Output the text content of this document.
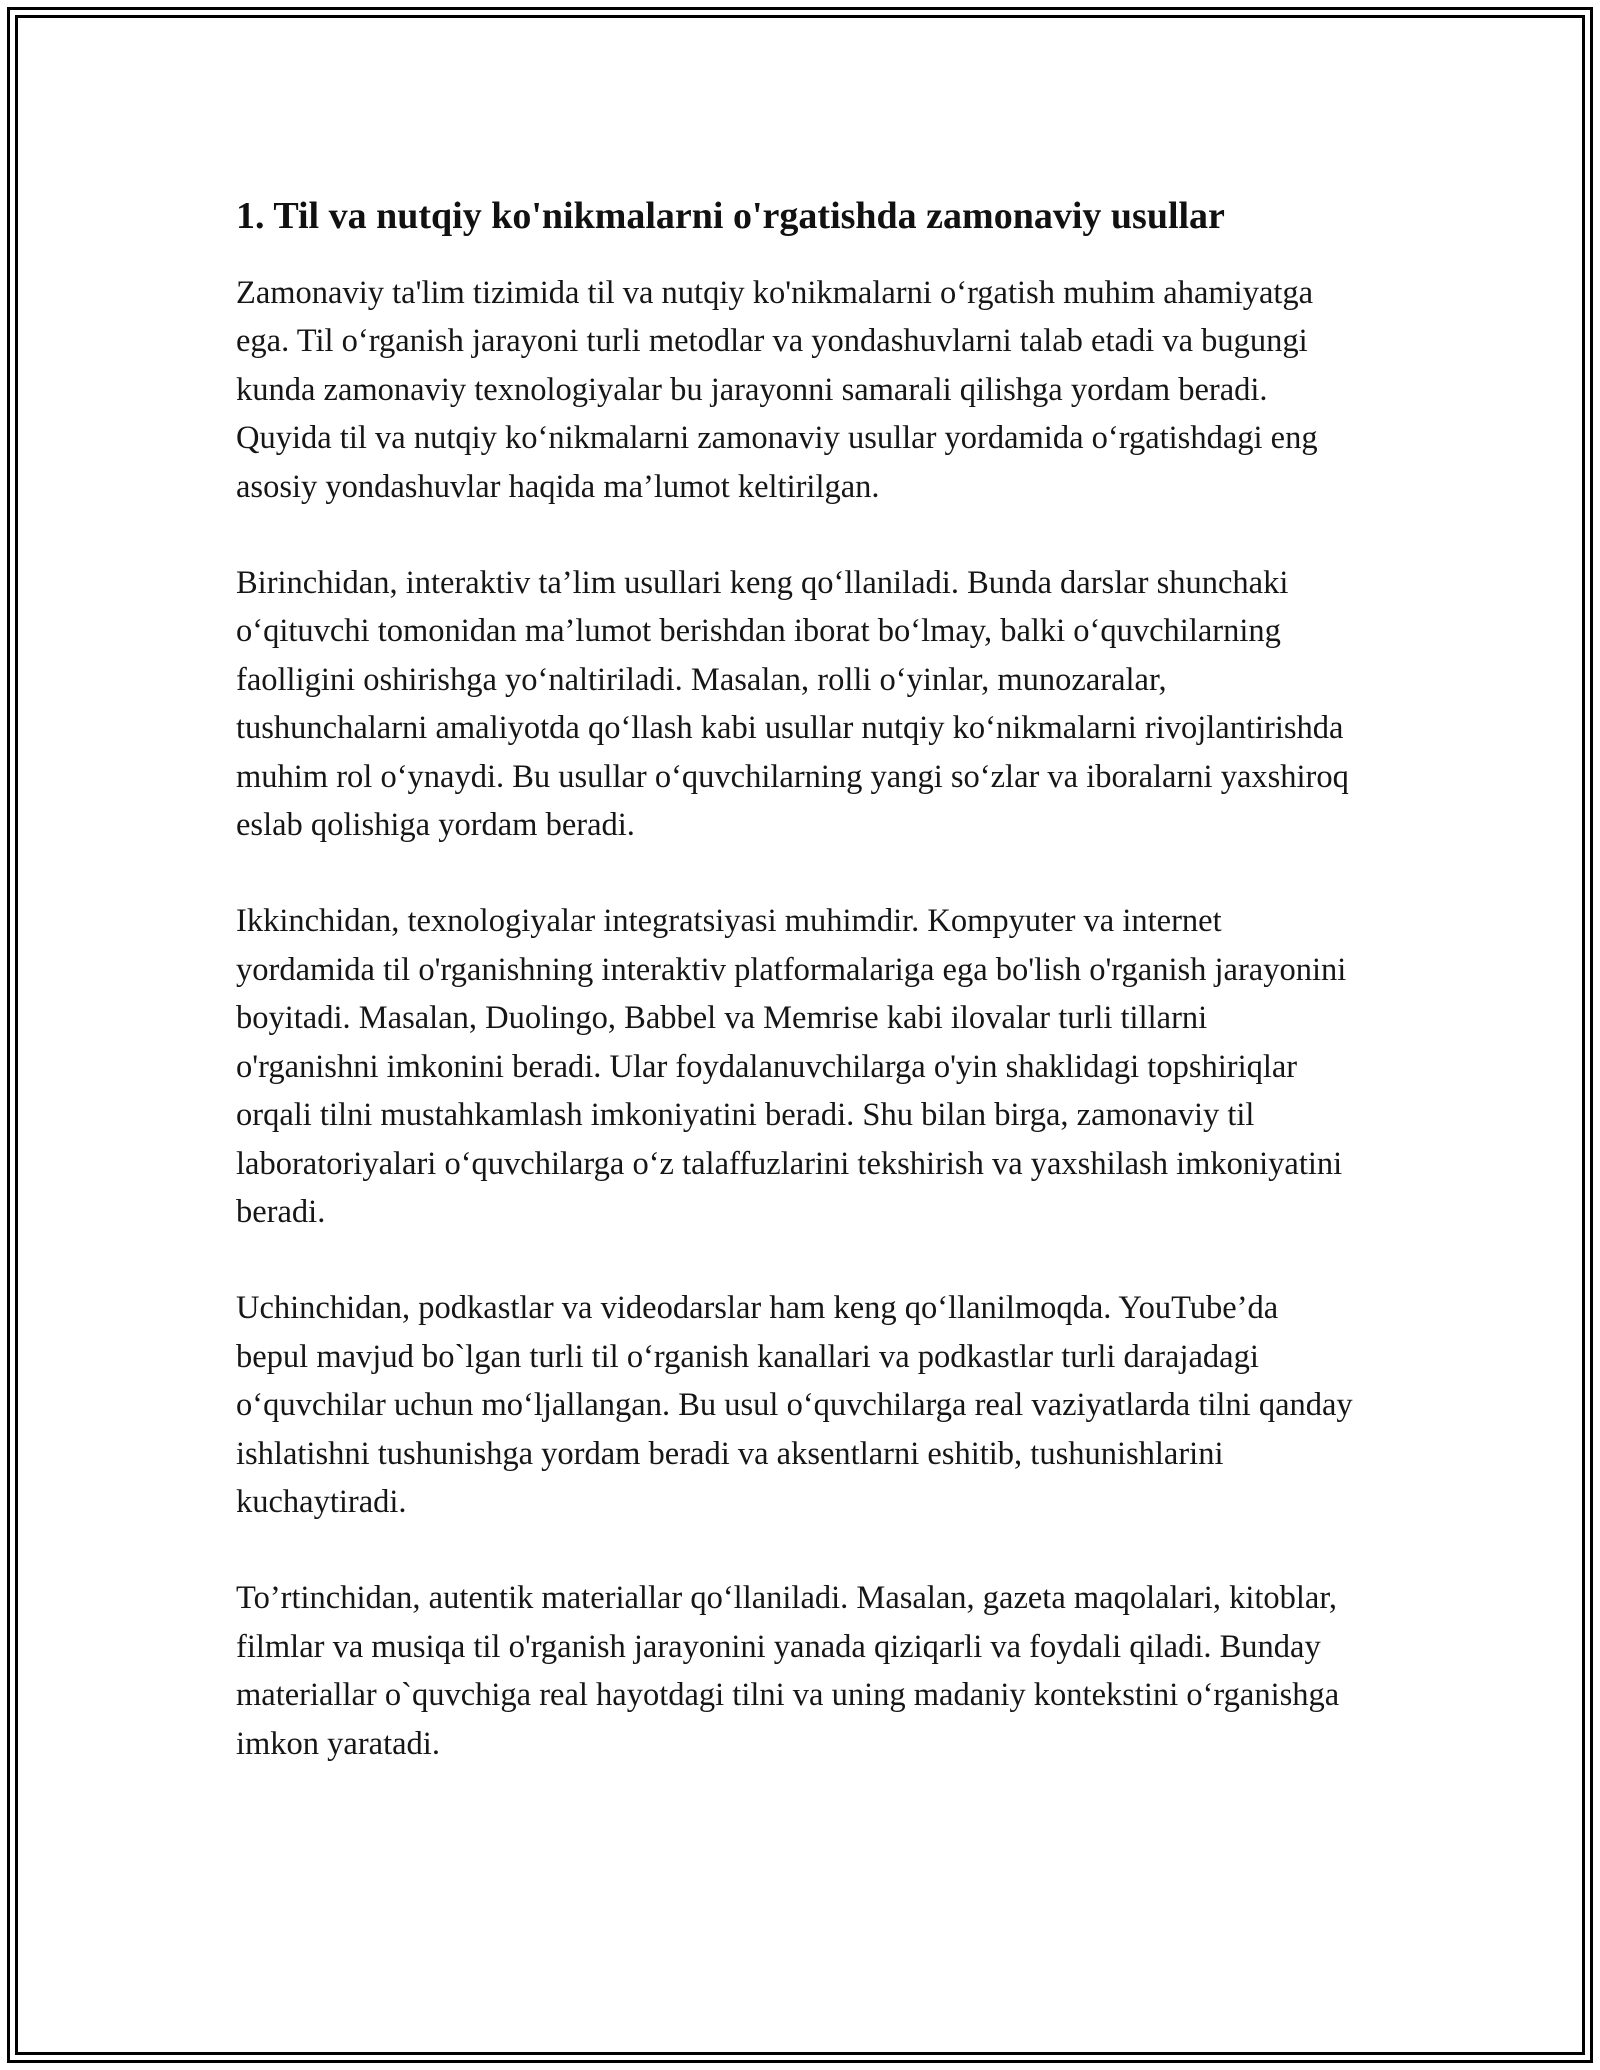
1. Til va nutqiy ko'nikmalarni o'rgatishda zamonaviy usullar

Zamonaviy ta'lim tizimida til va nutqiy ko'nikmalarni o‘rgatish muhim ahamiyatga ega. Til o‘rganish jarayoni turli metodlar va yondashuvlarni talab etadi va bugungi kunda zamonaviy texnologiyalar bu jarayonni samarali qilishga yordam beradi. Quyida til va nutqiy ko‘nikmalarni zamonaviy usullar yordamida o‘rgatishdagi eng asosiy yondashuvlar haqida ma’lumot keltirilgan.

Birinchidan, interaktiv ta’lim usullari keng qo‘llaniladi. Bunda darslar shunchaki o‘qituvchi tomonidan ma’lumot berishdan iborat bo‘lmay, balki o‘quvchilarning faolligini oshirishga yo‘naltiriladi. Masalan, rolli o‘yinlar, munozaralar, tushunchalarni amaliyotda qo‘llash kabi usullar nutqiy ko‘nikmalarni rivojlantirishda muhim rol o‘ynaydi. Bu usullar o‘quvchilarning yangi so‘zlar va iboralarni yaxshiroq eslab qolishiga yordam beradi.

Ikkinchidan, texnologiyalar integratsiyasi muhimdir. Kompyuter va internet yordamida til o'rganishning interaktiv platformalariga ega bo'lish o'rganish jarayonini boyitadi. Masalan, Duolingo, Babbel va Memrise kabi ilovalar turli tillarni o'rganishni imkonini beradi. Ular foydalanuvchilarga o'yin shaklidagi topshiriqlar orqali tilni mustahkamlash imkoniyatini beradi. Shu bilan birga, zamonaviy til laboratoriyalari o‘quvchilarga o‘z talaffuzlarini tekshirish va yaxshilash imkoniyatini beradi.

Uchinchidan, podkastlar va videodarslar ham keng qo‘llanilmoqda. YouTube’da bepul mavjud bo`lgan turli til o‘rganish kanallari va podkastlar turli darajadagi o‘quvchilar uchun mo‘ljallangan. Bu usul o‘quvchilarga real vaziyatlarda tilni qanday ishlatishni tushunishga yordam beradi va aksentlarni eshitib, tushunishlarini kuchaytiradi.

To’rtinchidan, autentik materiallar qo‘llaniladi. Masalan, gazeta maqolalari, kitoblar, filmlar va musiqa til o'rganish jarayonini yanada qiziqarli va foydali qiladi. Bunday materiallar o`quvchiga real hayotdagi tilni va uning madaniy kontekstini o‘rganishga imkon yaratadi.
